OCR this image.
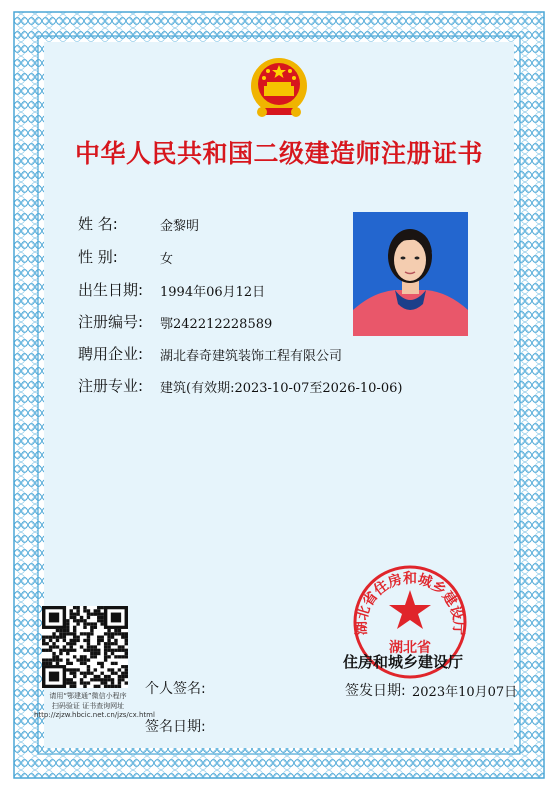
中华人民共和国二级建造师注册证书
姓 名:	金黎明
性 别:	女
出生日期: 1994年06月12日
注册编号: 鄂242212228589
聘用企业: 湖北春奇建筑装饰工程有限公司
注册专业: 建筑(有效期:2023-10-07至2026-10-06)
请用“鄂建通”微信小程序
扫码验证 证书查询网址
http://zjzw.hbcic.net.cn/jzs/cx.html
湖北省住房和城乡建设厅
湖北省
住房和城乡建设厅
个人签名:	签发日期: 2023年10月07日
签名日期:
